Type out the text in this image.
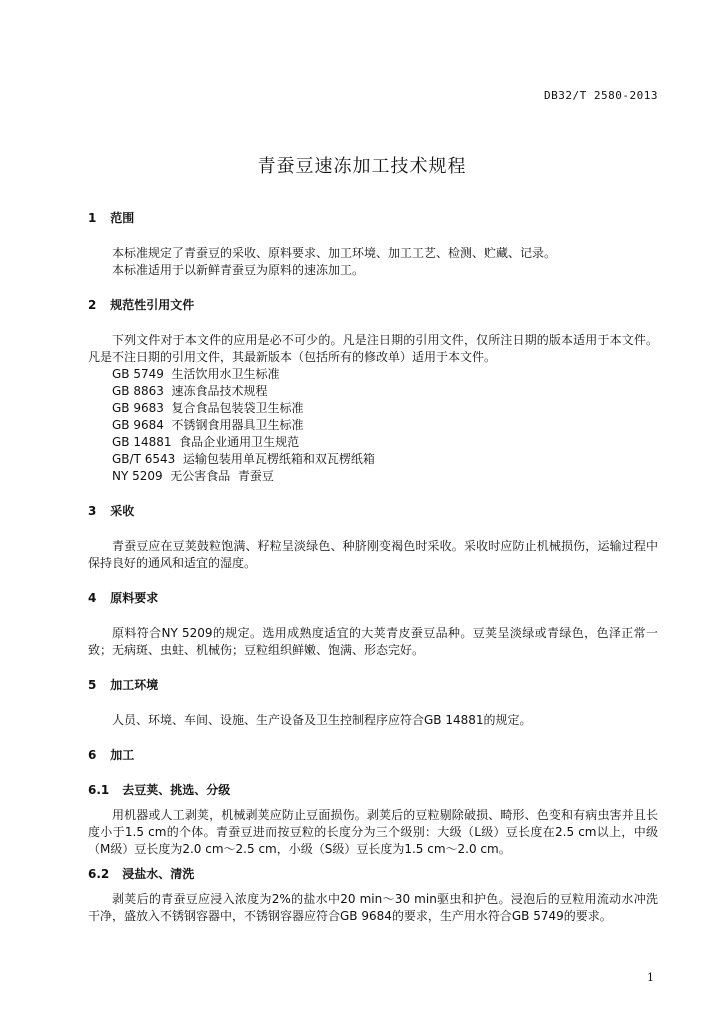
DB32/T 2580-2013
青蚕豆速冻加工技术规程

1 范围

本标准规定了青蚕豆的采收、原料要求、加工环境、加工工艺、检测、贮藏、记录。

本标准适用于以新鲜青蚕豆为原料的速冻加工。

2 规范性引用文件

下列文件对于本文件的应用是必不可少的。凡是注日期的引用文件，仅所注日期的版本适用于本文件。凡是不注日期的引用文件，其最新版本（包括所有的修改单）适用于本文件。

GB 5749  生活饮用水卫生标准

GB 8863  速冻食品技术规程

GB 9683  复合食品包装袋卫生标准

GB 9684  不锈钢食用器具卫生标准

GB 14881  食品企业通用卫生规范

GB/T 6543  运输包装用单瓦楞纸箱和双瓦楞纸箱

NY 5209  无公害食品  青蚕豆

3 采收

青蚕豆应在豆荚鼓粒饱满、籽粒呈淡绿色、种脐刚变褐色时采收。采收时应防止机械损伤，运输过程中保持良好的通风和适宜的湿度。

4 原料要求

原料符合NY 5209的规定。选用成熟度适宜的大荚青皮蚕豆品种。豆荚呈淡绿或青绿色，色泽正常一致；无病斑、虫蛀、机械伤；豆粒组织鲜嫩、饱满、形态完好。

5 加工环境

人员、环境、车间、设施、生产设备及卫生控制程序应符合GB 14881的规定。

6 加工

6.1 去豆荚、挑选、分级

用机器或人工剥荚，机械剥荚应防止豆面损伤。剥荚后的豆粒剔除破损、畸形、色变和有病虫害并且长度小于1.5 cm的个体。青蚕豆进而按豆粒的长度分为三个级别：大级（L级）豆长度在2.5 cm以上，中级（M级）豆长度为2.0 cm～2.5 cm，小级（S级）豆长度为1.5 cm～2.0 cm。

6.2 浸盐水、清洗

剥荚后的青蚕豆应浸入浓度为2%的盐水中20 min～30 min驱虫和护色。浸泡后的豆粒用流动水冲洗干净，盛放入不锈钢容器中，不锈钢容器应符合GB 9684的要求，生产用水符合GB 5749的要求。

1
